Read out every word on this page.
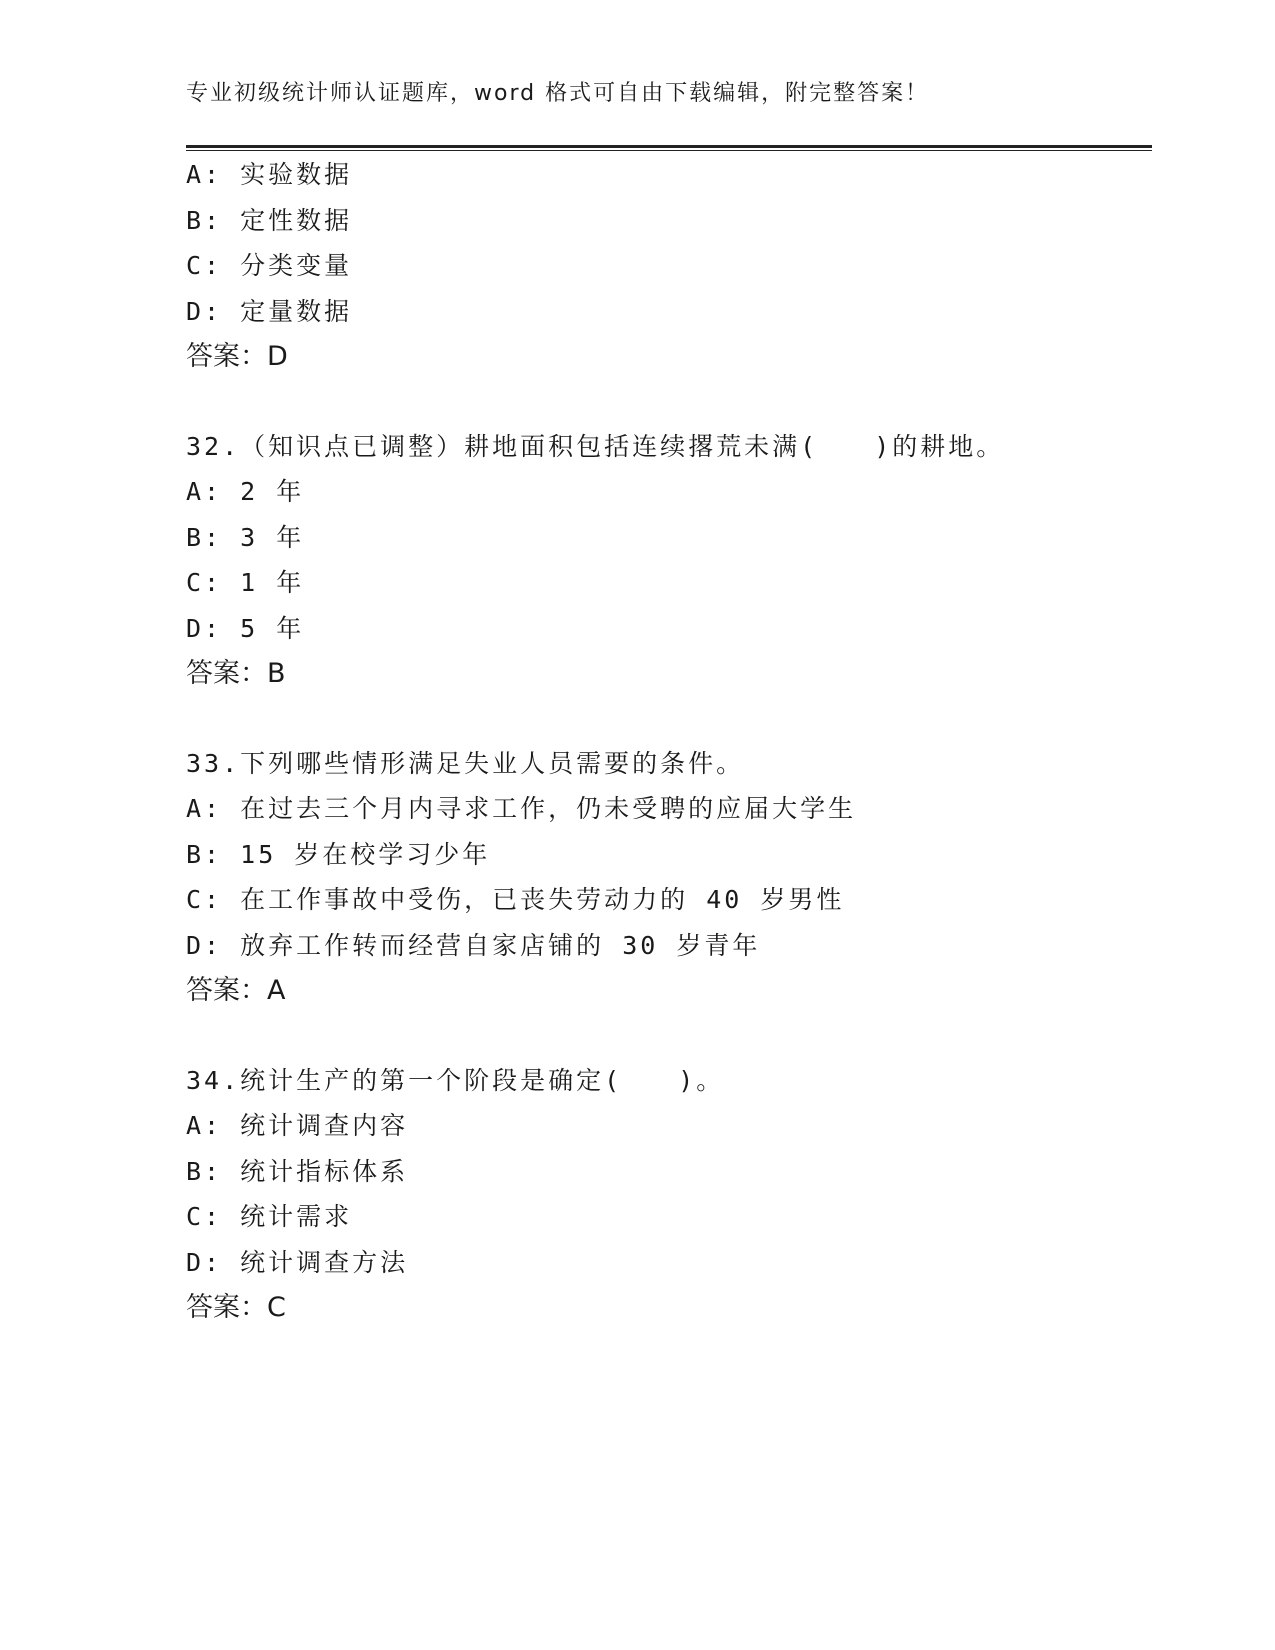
专业初级统计师认证题库，word 格式可自由下载编辑，附完整答案！
A: 实验数据
B: 定性数据
C: 分类变量
D: 定量数据
答案：D
32.（知识点已调整）耕地面积包括连续撂荒未满(　　)的耕地。
A: 2 年
B: 3 年
C: 1 年
D: 5 年
答案：B
33.下列哪些情形满足失业人员需要的条件。
A: 在过去三个月内寻求工作，仍未受聘的应届大学生
B: 15 岁在校学习少年
C: 在工作事故中受伤，已丧失劳动力的 40 岁男性
D: 放弃工作转而经营自家店铺的 30 岁青年
答案：A
34.统计生产的第一个阶段是确定(　　)。
A: 统计调查内容
B: 统计指标体系
C: 统计需求
D: 统计调查方法
答案：C
